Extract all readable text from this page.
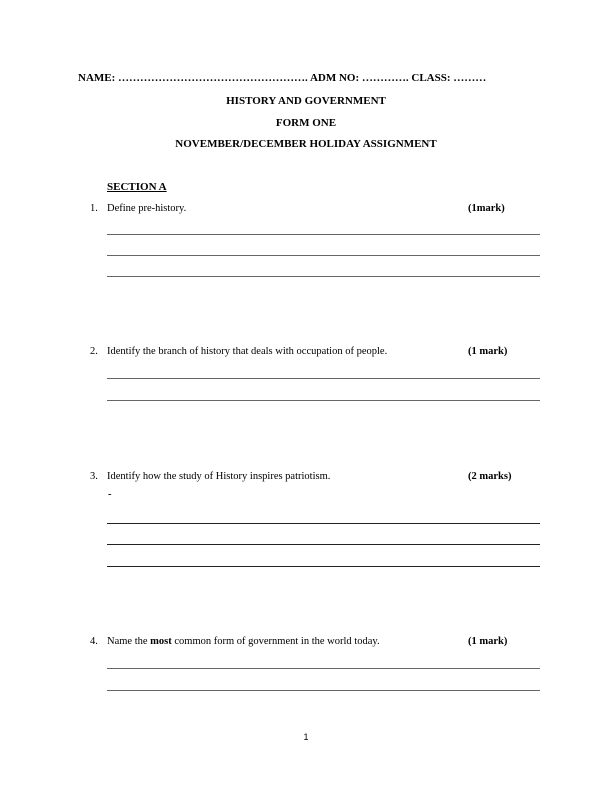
NAME: ……………………………………………. ADM NO: …………. CLASS: ………
HISTORY AND GOVERNMENT
FORM ONE
NOVEMBER/DECEMBER HOLIDAY ASSIGNMENT
SECTION A
1. Define pre-history.	(1mark)
2. Identify the branch of history that deals with occupation of people.	(1 mark)
3. Identify how the study of History inspires patriotism.	(2 marks)
-
4. Name the most common form of government in the world today.	(1 mark)
1
